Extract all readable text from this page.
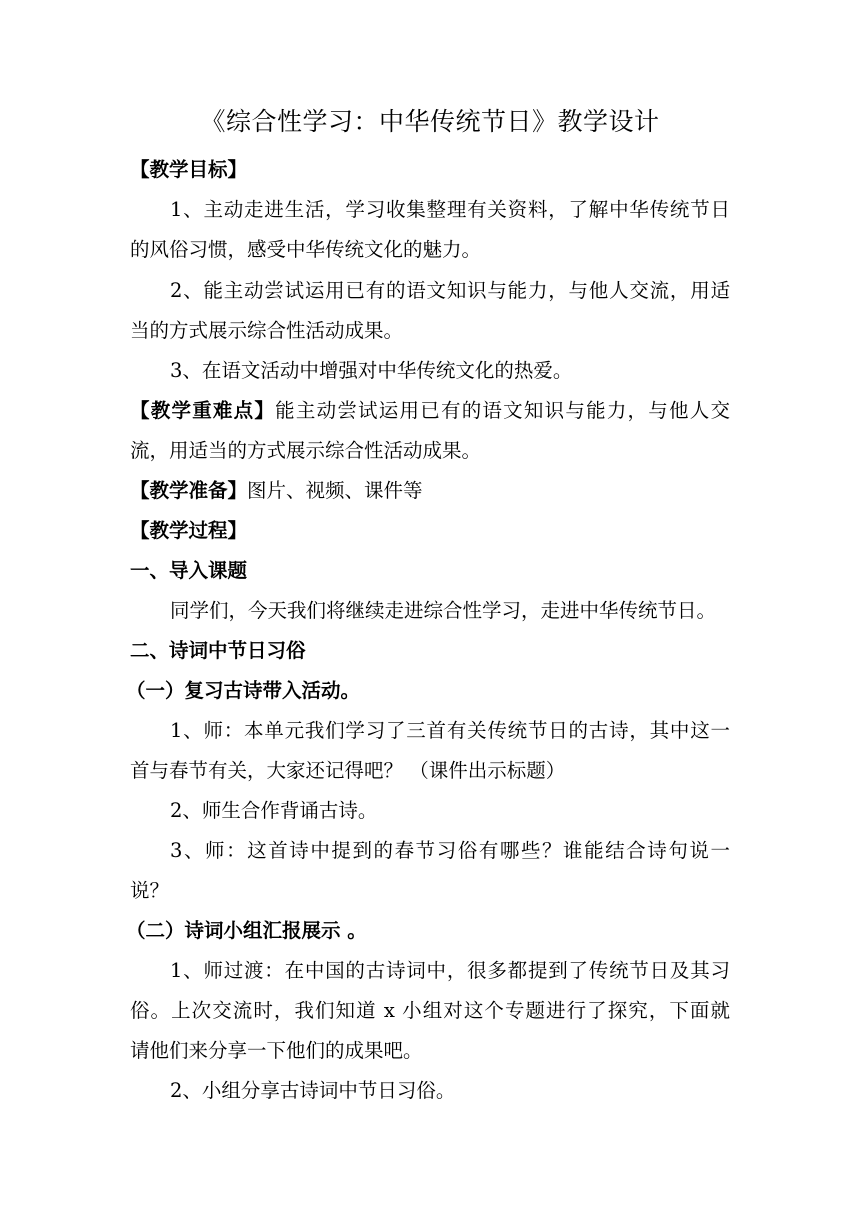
《综合性学习：中华传统节日》教学设计
【教学目标】
1、主动走进生活，学习收集整理有关资料，了解中华传统节日
的风俗习惯，感受中华传统文化的魅力。
2、能主动尝试运用已有的语文知识与能力，与他人交流，用适
当的方式展示综合性活动成果。
3、在语文活动中增强对中华传统文化的热爱。
【教学重难点】能主动尝试运用已有的语文知识与能力，与他人交
流，用适当的方式展示综合性活动成果。
【教学准备】图片、视频、课件等
【教学过程】
一、导入课题
同学们，今天我们将继续走进综合性学习，走进中华传统节日。
二、诗词中节日习俗
（一）复习古诗带入活动。
1、师：本单元我们学习了三首有关传统节日的古诗，其中这一
首与春节有关，大家还记得吧？ （课件出示标题）
2、师生合作背诵古诗。
3、师：这首诗中提到的春节习俗有哪些？谁能结合诗句说一
说？
（二）诗词小组汇报展示 。
1、师过渡：在中国的古诗词中，很多都提到了传统节日及其习
俗。上次交流时，我们知道 x 小组对这个专题进行了探究，下面就
请他们来分享一下他们的成果吧。
2、小组分享古诗词中节日习俗。
